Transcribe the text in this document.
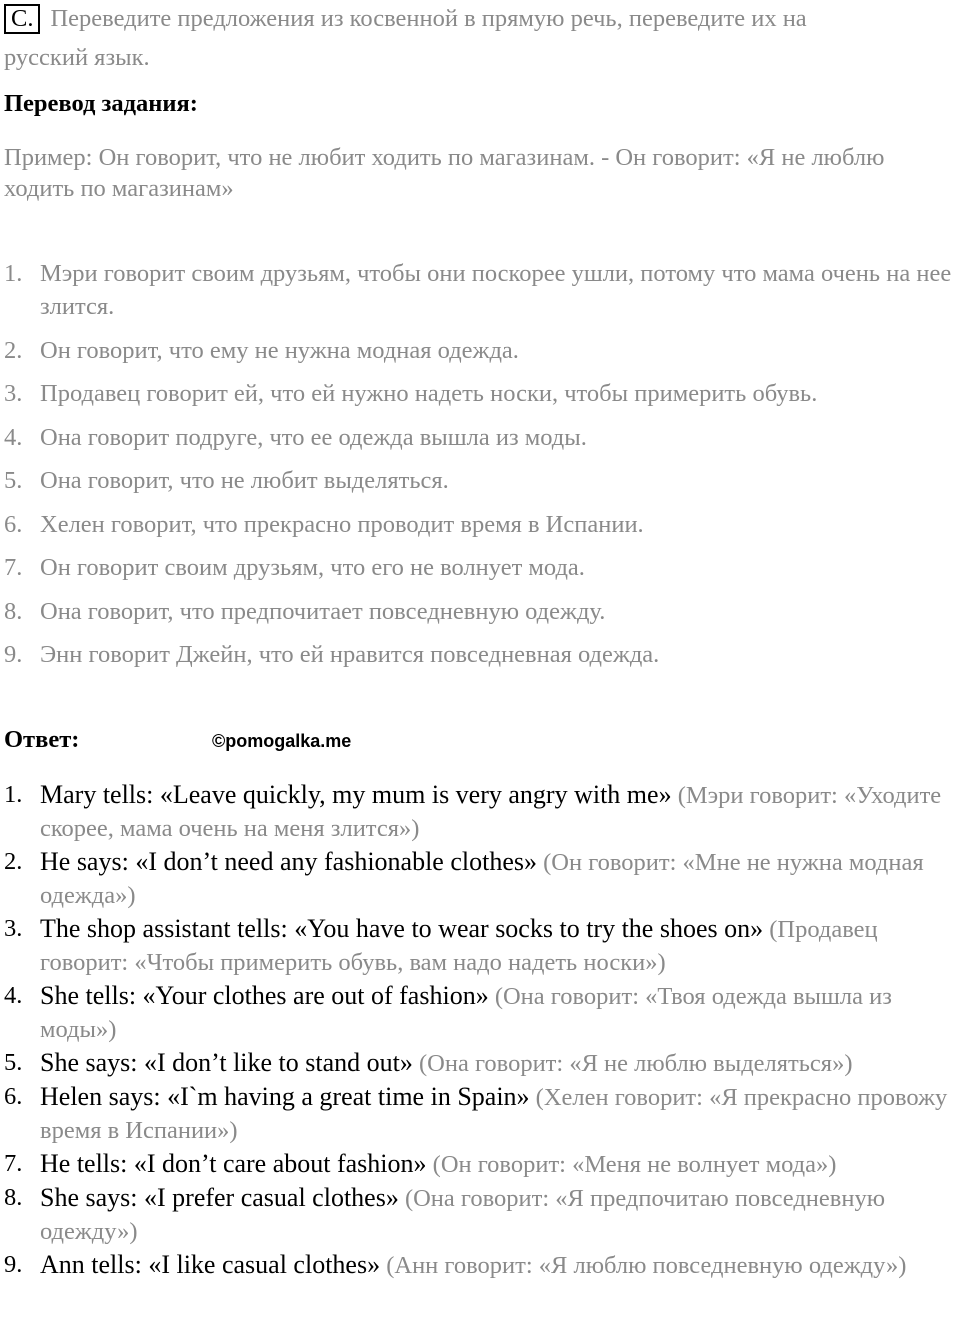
C. Переведите предложения из косвенной в прямую речь, переведите их на
русский язык.
Перевод задания:
Пример: Он говорит, что не любит ходить по магазинам. - Он говорит: «Я не люблю ходить по магазинам»
1. Мэри говорит своим друзьям, чтобы они поскорее ушли, потому что мама очень на нее злится.
2. Он говорит, что ему не нужна модная одежда.
3. Продавец говорит ей, что ей нужно надеть носки, чтобы примерить обувь.
4. Она говорит подруге, что ее одежда вышла из моды.
5. Она говорит, что не любит выделяться.
6. Хелен говорит, что прекрасно проводит время в Испании.
7. Он говорит своим друзьям, что его не волнует мода.
8. Она говорит, что предпочитает повседневную одежду.
9. Энн говорит Джейн, что ей нравится повседневная одежда.
Ответ:	©pomogalka.me
1. Mary tells: «Leave quickly, my mum is very angry with me» (Мэри говорит: «Уходите скорее, мама очень на меня злится»)
2. He says: «I don’t need any fashionable clothes» (Он говорит: «Мне не нужна модная одежда»)
3. The shop assistant tells: «You have to wear socks to try the shoes on» (Продавец говорит: «Чтобы примерить обувь, вам надо надеть носки»)
4. She tells: «Your clothes are out of fashion» (Она говорит: «Твоя одежда вышла из моды»)
5. She says: «I don’t like to stand out» (Она говорит: «Я не люблю выделяться»)
6. Helen says: «I`m having a great time in Spain» (Хелен говорит: «Я прекрасно провожу время в Испании»)
7. He tells: «I don’t care about fashion» (Он говорит: «Меня не волнует мода»)
8. She says: «I prefer casual clothes» (Она говорит: «Я предпочитаю повседневную одежду»)
9. Ann tells: «I like casual clothes» (Анн говорит: «Я люблю повседневную одежду»)
